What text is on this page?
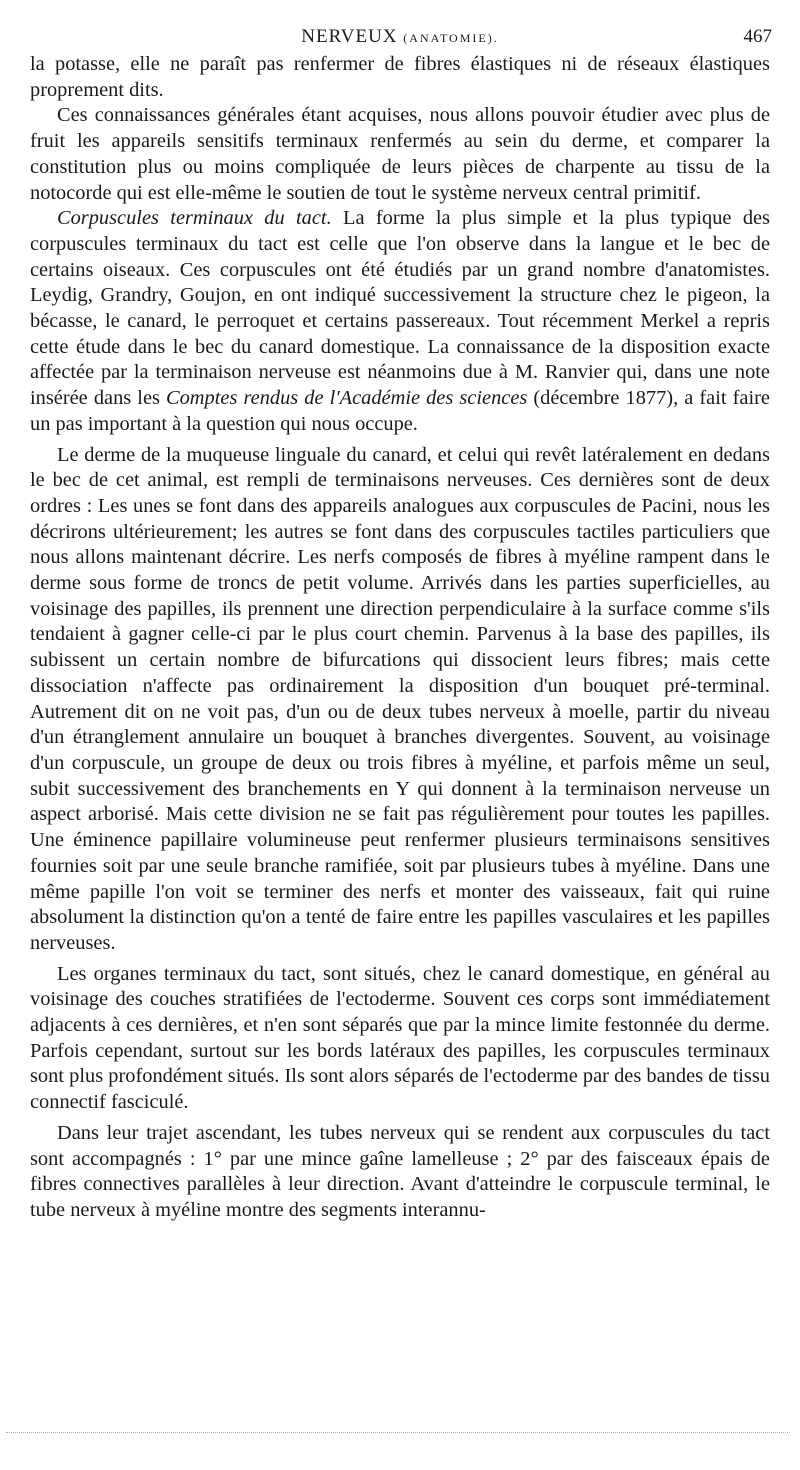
NERVEUX (ANATOMIE).	467

la potasse, elle ne paraît pas renfermer de fibres élastiques ni de réseaux élastiques proprement dits.

Ces connaissances générales étant acquises, nous allons pouvoir étudier avec plus de fruit les appareils sensitifs terminaux renfermés au sein du derme, et comparer la constitution plus ou moins compliquée de leurs pièces de charpente au tissu de la notocorde qui est elle-même le soutien de tout le système nerveux central primitif.

Corpuscules terminaux du tact. La forme la plus simple et la plus typique des corpuscules terminaux du tact est celle que l'on observe dans la langue et le bec de certains oiseaux. Ces corpuscules ont été étudiés par un grand nombre d'anatomistes. Leydig, Grandry, Goujon, en ont indiqué successivement la structure chez le pigeon, la bécasse, le canard, le perroquet et certains passereaux. Tout récemment Merkel a repris cette étude dans le bec du canard domestique. La connaissance de la disposition exacte affectée par la terminaison nerveuse est néanmoins due à M. Ranvier qui, dans une note insérée dans les Comptes rendus de l'Académie des sciences (décembre 1877), a fait faire un pas important à la question qui nous occupe.

Le derme de la muqueuse linguale du canard, et celui qui revêt latéralement en dedans le bec de cet animal, est rempli de terminaisons nerveuses. Ces dernières sont de deux ordres : Les unes se font dans des appareils analogues aux corpuscules de Pacini, nous les décrirons ultérieurement; les autres se font dans des corpuscules tactiles particuliers que nous allons maintenant décrire. Les nerfs composés de fibres à myéline rampent dans le derme sous forme de troncs de petit volume. Arrivés dans les parties superficielles, au voisinage des papilles, ils prennent une direction perpendiculaire à la surface comme s'ils tendaient à gagner celle-ci par le plus court chemin. Parvenus à la base des papilles, ils subissent un certain nombre de bifurcations qui dissocient leurs fibres; mais cette dissociation n'affecte pas ordinairement la disposition d'un bouquet pré-terminal. Autrement dit on ne voit pas, d'un ou de deux tubes nerveux à moelle, partir du niveau d'un étranglement annulaire un bouquet à branches divergentes. Souvent, au voisinage d'un corpuscule, un groupe de deux ou trois fibres à myéline, et parfois même un seul, subit successivement des branchements en Y qui donnent à la terminaison nerveuse un aspect arborisé. Mais cette division ne se fait pas régulièrement pour toutes les papilles. Une éminence papillaire volumineuse peut renfermer plusieurs terminaisons sensitives fournies soit par une seule branche ramifiée, soit par plusieurs tubes à myéline. Dans une même papille l'on voit se terminer des nerfs et monter des vaisseaux, fait qui ruine absolument la distinction qu'on a tenté de faire entre les papilles vasculaires et les papilles nerveuses.

Les organes terminaux du tact, sont situés, chez le canard domestique, en général au voisinage des couches stratifiées de l'ectoderme. Souvent ces corps sont immédiatement adjacents à ces dernières, et n'en sont séparés que par la mince limite festonnée du derme. Parfois cependant, surtout sur les bords latéraux des papilles, les corpuscules terminaux sont plus profondément situés. Ils sont alors séparés de l'ectoderme par des bandes de tissu connectif fasciculé.

Dans leur trajet ascendant, les tubes nerveux qui se rendent aux corpuscules du tact sont accompagnés : 1° par une mince gaîne lamelleuse ; 2° par des faisceaux épais de fibres connectives parallèles à leur direction. Avant d'atteindre le corpuscule terminal, le tube nerveux à myéline montre des segments interannu-
